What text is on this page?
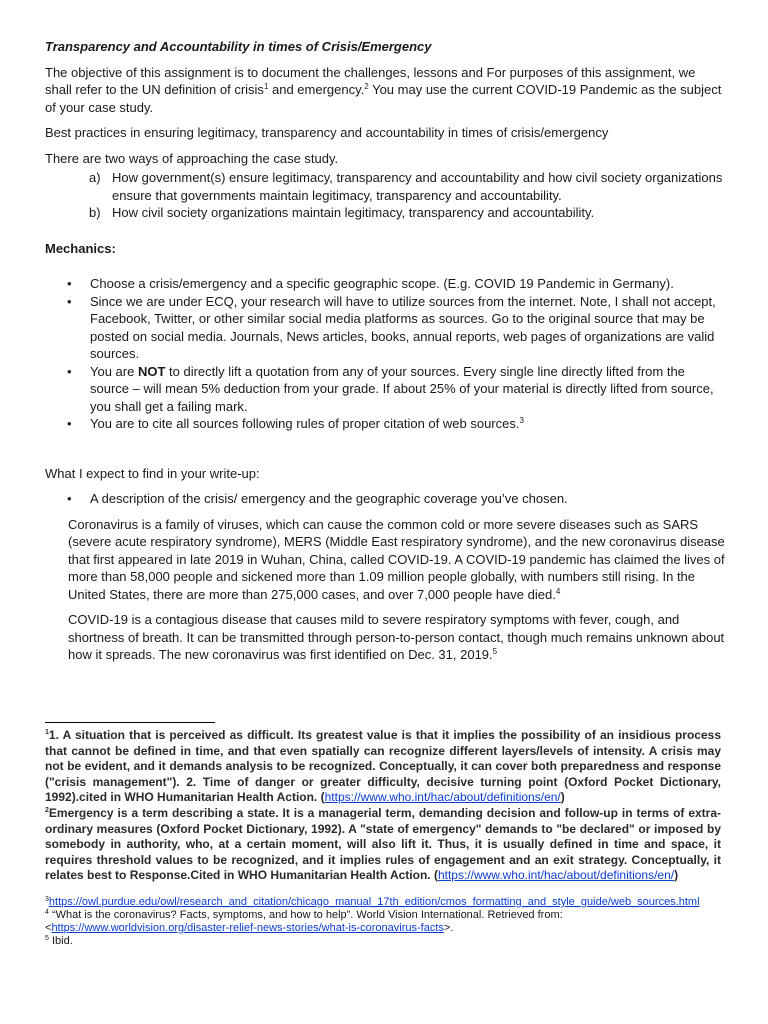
Transparency and Accountability in times of Crisis/Emergency

The objective of this assignment is to document the challenges, lessons and For purposes of this assignment, we shall refer to the UN definition of crisis$^1$ and emergency.$^2$ You may use the current COVID-19 Pandemic as the subject of your case study.

Best practices in ensuring legitimacy, transparency and accountability in times of crisis/emergency

There are two ways of approaching the case study.

a) How government(s) ensure legitimacy, transparency and accountability and how civil society organizations ensure that governments maintain legitimacy, transparency and accountability.
b) How civil society organizations maintain legitimacy, transparency and accountability.

Mechanics:

• Choose a crisis/emergency and a specific geographic scope. (E.g. COVID 19 Pandemic in Germany).
• Since we are under ECQ, your research will have to utilize sources from the internet. Note, I shall not accept, Facebook, Twitter, or other similar social media platforms as sources. Go to the original source that may be posted on social media. Journals, News articles, books, annual reports, web pages of organizations are valid sources.
• You are NOT to directly lift a quotation from any of your sources. Every single line directly lifted from the source – will mean 5% deduction from your grade. If about 25% of your material is directly lifted from source, you shall get a failing mark.
• You are to cite all sources following rules of proper citation of web sources.$^3$

What I expect to find in your write-up:

• A description of the crisis/ emergency and the geographic coverage you’ve chosen.

Coronavirus is a family of viruses, which can cause the common cold or more severe diseases such as SARS (severe acute respiratory syndrome), MERS (Middle East respiratory syndrome), and the new coronavirus disease that first appeared in late 2019 in Wuhan, China, called COVID-19. A COVID-19 pandemic has claimed the lives of more than 58,000 people and sickened more than 1.09 million people globally, with numbers still rising. In the United States, there are more than 275,000 cases, and over 7,000 people have died.$^4$

COVID-19 is a contagious disease that causes mild to severe respiratory symptoms with fever, cough, and shortness of breath. It can be transmitted through person-to-person contact, though much remains unknown about how it spreads. The new coronavirus was first identified on Dec. 31, 2019.$^5$

$^1$1. A situation that is perceived as difficult. Its greatest value is that it implies the possibility of an insidious process that cannot be defined in time, and that even spatially can recognize different layers/levels of intensity. A crisis may not be evident, and it demands analysis to be recognized. Conceptually, it can cover both preparedness and response ("crisis management"). 2. Time of danger or greater difficulty, decisive turning point (Oxford Pocket Dictionary, 1992).cited in WHO Humanitarian Health Action. (https://www.who.int/hac/about/definitions/en/)

$^2$Emergency is a term describing a state. It is a managerial term, demanding decision and follow-up in terms of extra-ordinary measures (Oxford Pocket Dictionary, 1992). A "state of emergency" demands to "be declared" or imposed by somebody in authority, who, at a certain moment, will also lift it. Thus, it is usually defined in time and space, it requires threshold values to be recognized, and it implies rules of engagement and an exit strategy. Conceptually, it relates best to Response.Cited in WHO Humanitarian Health Action. (https://www.who.int/hac/about/definitions/en/)

$^3$https://owl.purdue.edu/owl/research_and_citation/chicago_manual_17th_edition/cmos_formatting_and_style_guide/web_sources.html

$^4$ “What is the coronavirus? Facts, symptoms, and how to help”. World Vision International. Retrieved from:
<https://www.worldvision.org/disaster-relief-news-stories/what-is-coronavirus-facts>.

$^5$ Ibid.
